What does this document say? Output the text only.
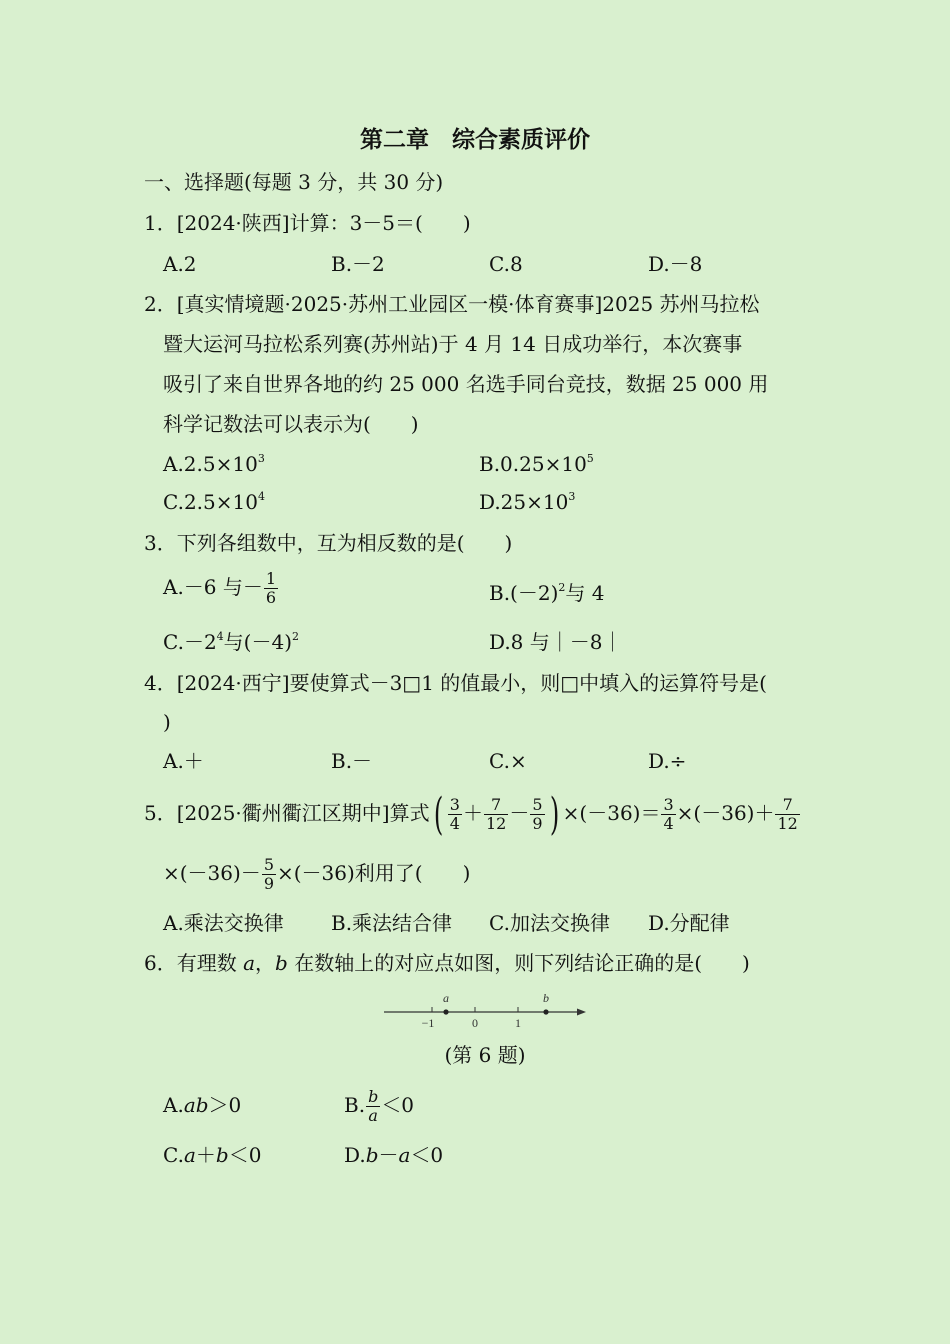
第二章　综合素质评价
一、选择题(每题 3 分，共 30 分)
1．[2024·陕西]计算：3－5＝(　　)
A.2	B.－2	C.8	D.－8
2．[真实情境题·2025·苏州工业园区一模·体育赛事]2025 苏州马拉松
暨大运河马拉松系列赛(苏州站)于 4 月 14 日成功举行，本次赛事
吸引了来自世界各地的约 25 000 名选手同台竞技，数据 25 000 用
科学记数法可以表示为(　　)
$A.2.5\times 10^3$	$B.0.25\times 10^5$
$C.2.5\times 10^4$	$D.25\times 10^3$
3．下列各组数中，互为相反数的是(　　)
A.－6 与－ $\frac{1}{6}$	$B.(-2)^2$与 4
$C.-2^4$与$(-4)^2$	D.8 与｜－8｜
4．[2024·西宁]要使算式－3□1 的值最小，则□中填入的运算符号是(
)
A.＋	B.－	C.×	D.÷
5．[2025·衢州衢江区期中]算式( $\frac{3}{4} + \frac{7}{12} - \frac{5}{9}$ ) $\times(-36)= \frac{3}{4} \times(-36)+ \frac{7}{12}$
$\times(-36)- \frac{5}{9} \times(-36)$利用了(　　)
A.乘法交换律 B.乘法结合律 C.加法交换律 D.分配律
6．有理数 a，b 在数轴上的对应点如图，则下列结论正确的是(　　)
a	b
−1	0	1
(第 6 题)
A.ab＞0	B. $\frac{b}{a} <0$
C.a＋b＜0	D.b－a＜0
